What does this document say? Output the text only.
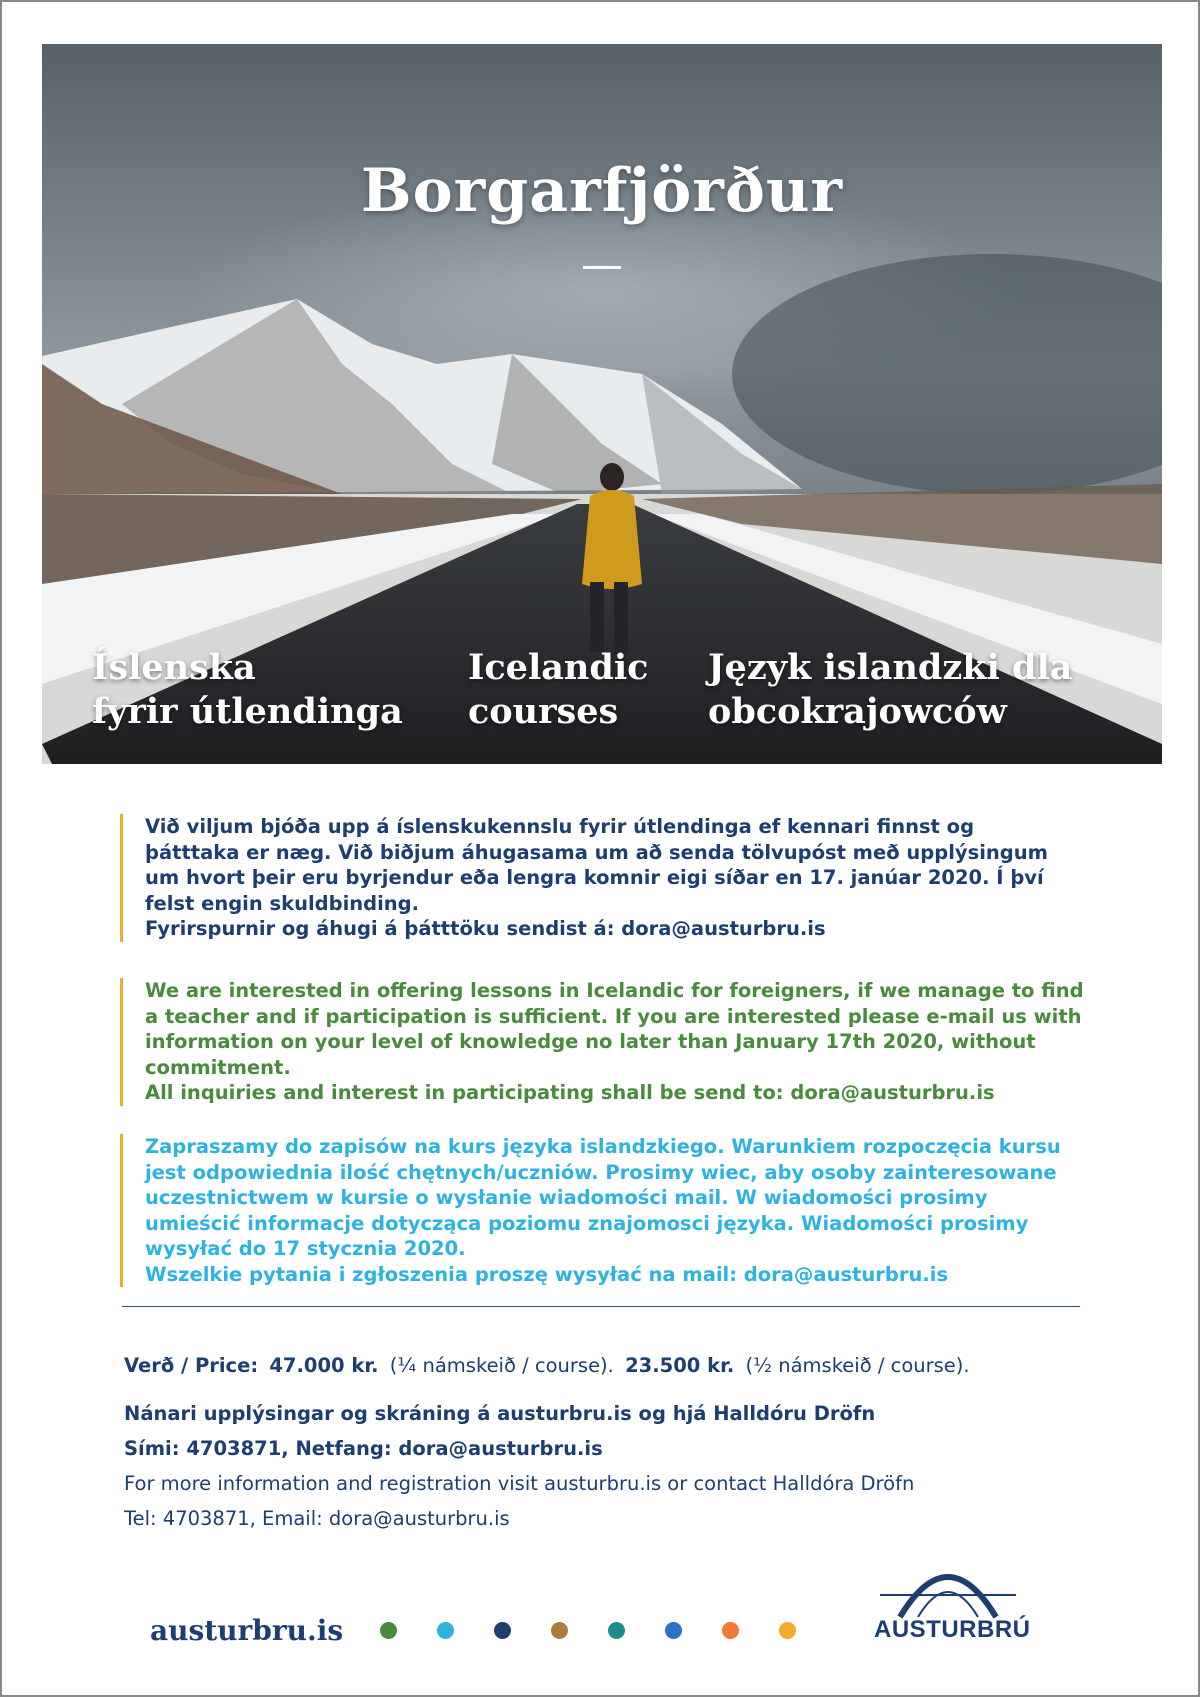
Borgarfjörður
Íslenska
fyrir útlendinga
Icelandic
courses
Język islandzki dla
obcokrajowców

Við viljum bjóða upp á íslenskukennslu fyrir útlendinga ef kennari finnst og

þátttaka er næg. Við biðjum áhugasama um að senda tölvupóst með upplýsingum

um hvort þeir eru byrjendur eða lengra komnir eigi síðar en 17. janúar 2020. Í því

felst engin skuldbinding.

Fyrirspurnir og áhugi á þátttöku sendist á: dora@austurbru.is

We are interested in offering lessons in Icelandic for foreigners, if we manage to find

a teacher and if participation is sufficient. If you are interested please e-mail us with

information on your level of knowledge no later than January 17th 2020, without

commitment.

All inquiries and interest in participating shall be send to: dora@austurbru.is

Zapraszamy do zapisów na kurs języka islandzkiego. Warunkiem rozpoczęcia kursu

jest odpowiednia ilość chętnych/uczniów. Prosimy wiec, aby osoby zainteresowane

uczestnictwem w kursie o wysłanie wiadomości mail. W wiadomości prosimy

umieścić informacje dotycząca poziomu znajomosci języka. Wiadomości prosimy

wysyłać do 17 stycznia 2020.

Wszelkie pytania i zgłoszenia proszę wysyłać na mail: dora@austurbru.is

Verð / Price: 47.000 kr. (¼ námskeið / course). 23.500 kr. (½ námskeið / course).
Nánari upplýsingar og skráning á austurbru.is og hjá Halldóru Dröfn
Sími: 4703871, Netfang: dora@austurbru.is
For more information and registration visit austurbru.is or contact Halldóra Dröfn
Tel: 4703871, Email: dora@austurbru.is
austurbru.is	AUSTURBRÚ
